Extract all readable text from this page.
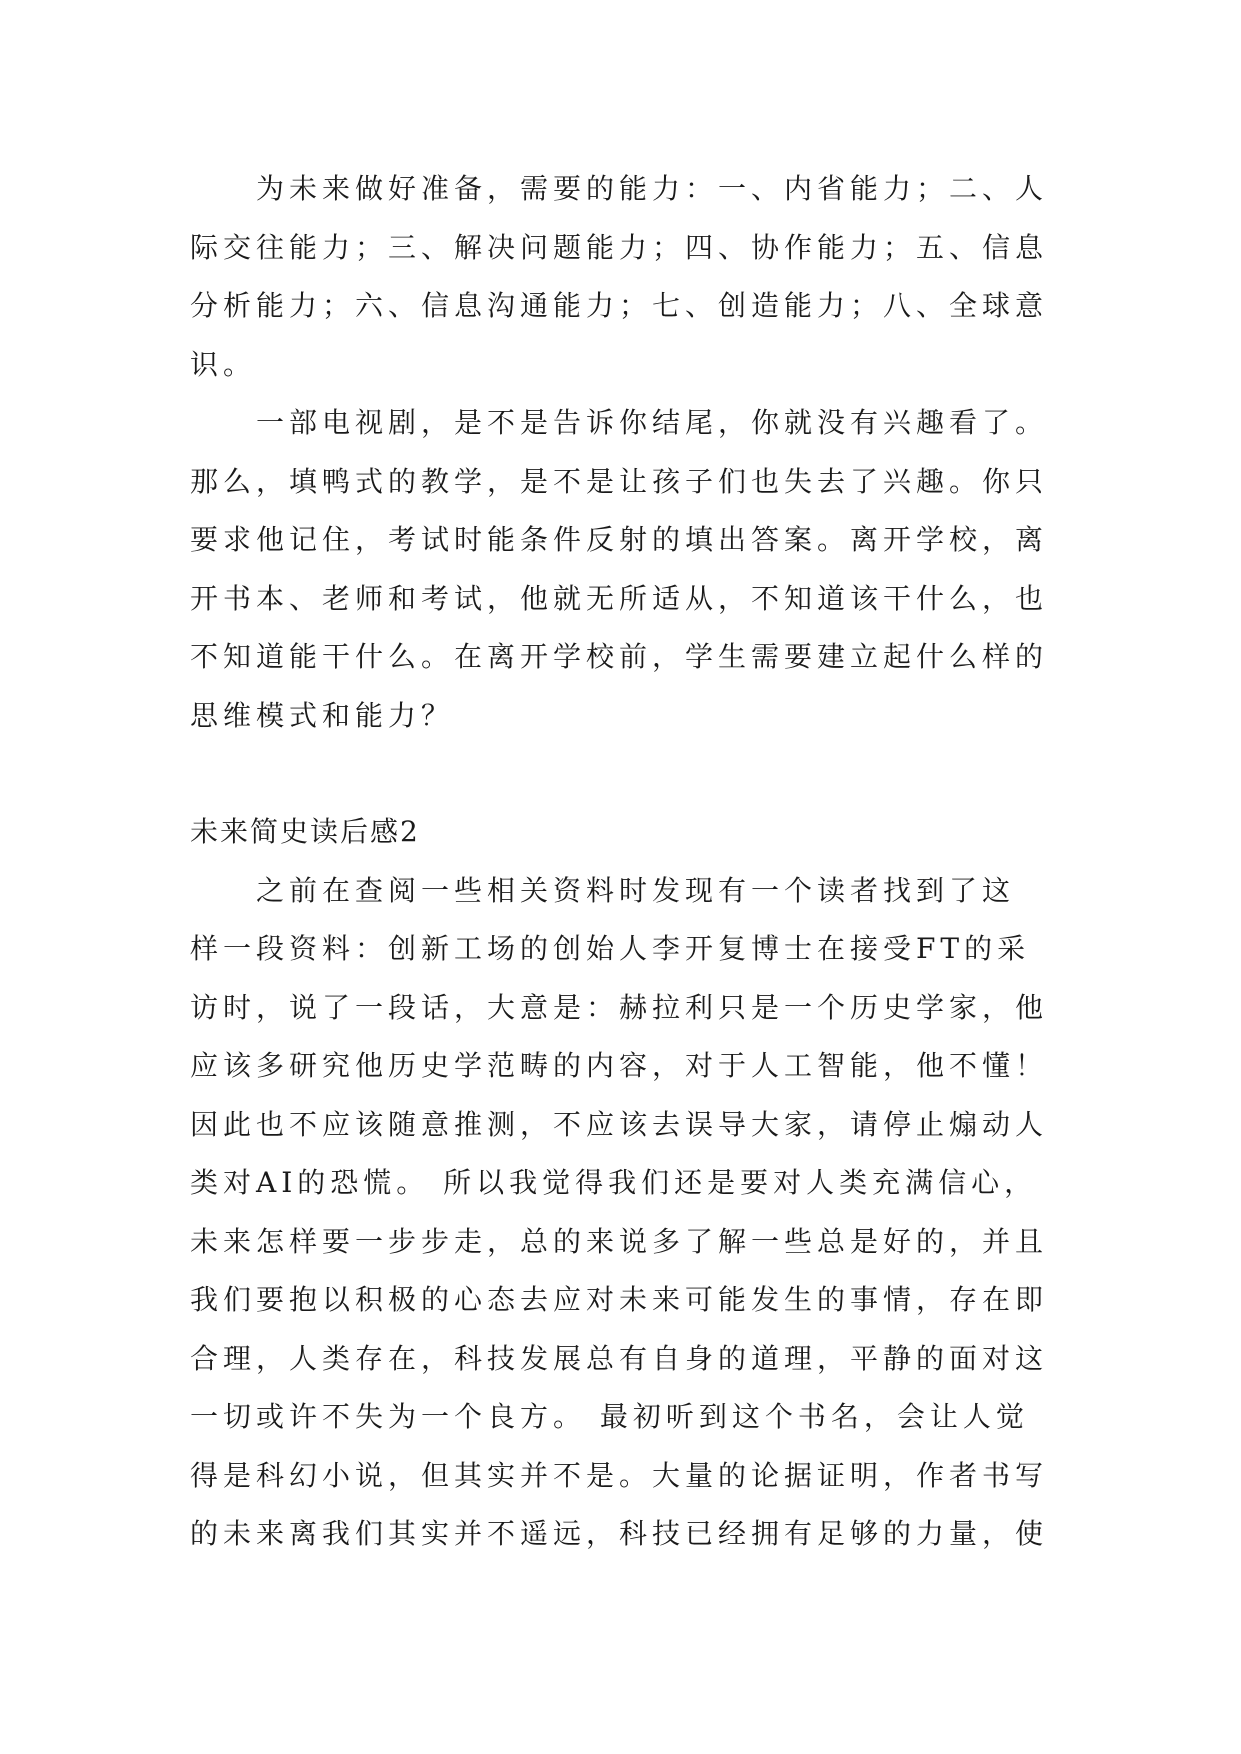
为未来做好准备，需要的能力：一、内省能力；二、人
际交往能力；三、解决问题能力；四、协作能力；五、信息
分析能力；六、信息沟通能力；七、创造能力；八、全球意
识。

一部电视剧，是不是告诉你结尾，你就没有兴趣看了。
那么，填鸭式的教学，是不是让孩子们也失去了兴趣。你只
要求他记住，考试时能条件反射的填出答案。离开学校，离
开书本、老师和考试，他就无所适从，不知道该干什么，也
不知道能干什么。在离开学校前，学生需要建立起什么样的
思维模式和能力？

未来简史读后感2

之前在查阅一些相关资料时发现有一个读者找到了这
样一段资料：创新工场的创始人李开复博士在接受FT的采
访时，说了一段话，大意是：赫拉利只是一个历史学家，他
应该多研究他历史学范畴的内容，对于人工智能，他不懂！
因此也不应该随意推测，不应该去误导大家，请停止煽动人
类对AI的恐慌。 所以我觉得我们还是要对人类充满信心，
未来怎样要一步步走，总的来说多了解一些总是好的，并且
我们要抱以积极的心态去应对未来可能发生的事情，存在即
合理，人类存在，科技发展总有自身的道理，平静的面对这
一切或许不失为一个良方。 最初听到这个书名，会让人觉
得是科幻小说，但其实并不是。大量的论据证明，作者书写
的未来离我们其实并不遥远，科技已经拥有足够的力量，使
